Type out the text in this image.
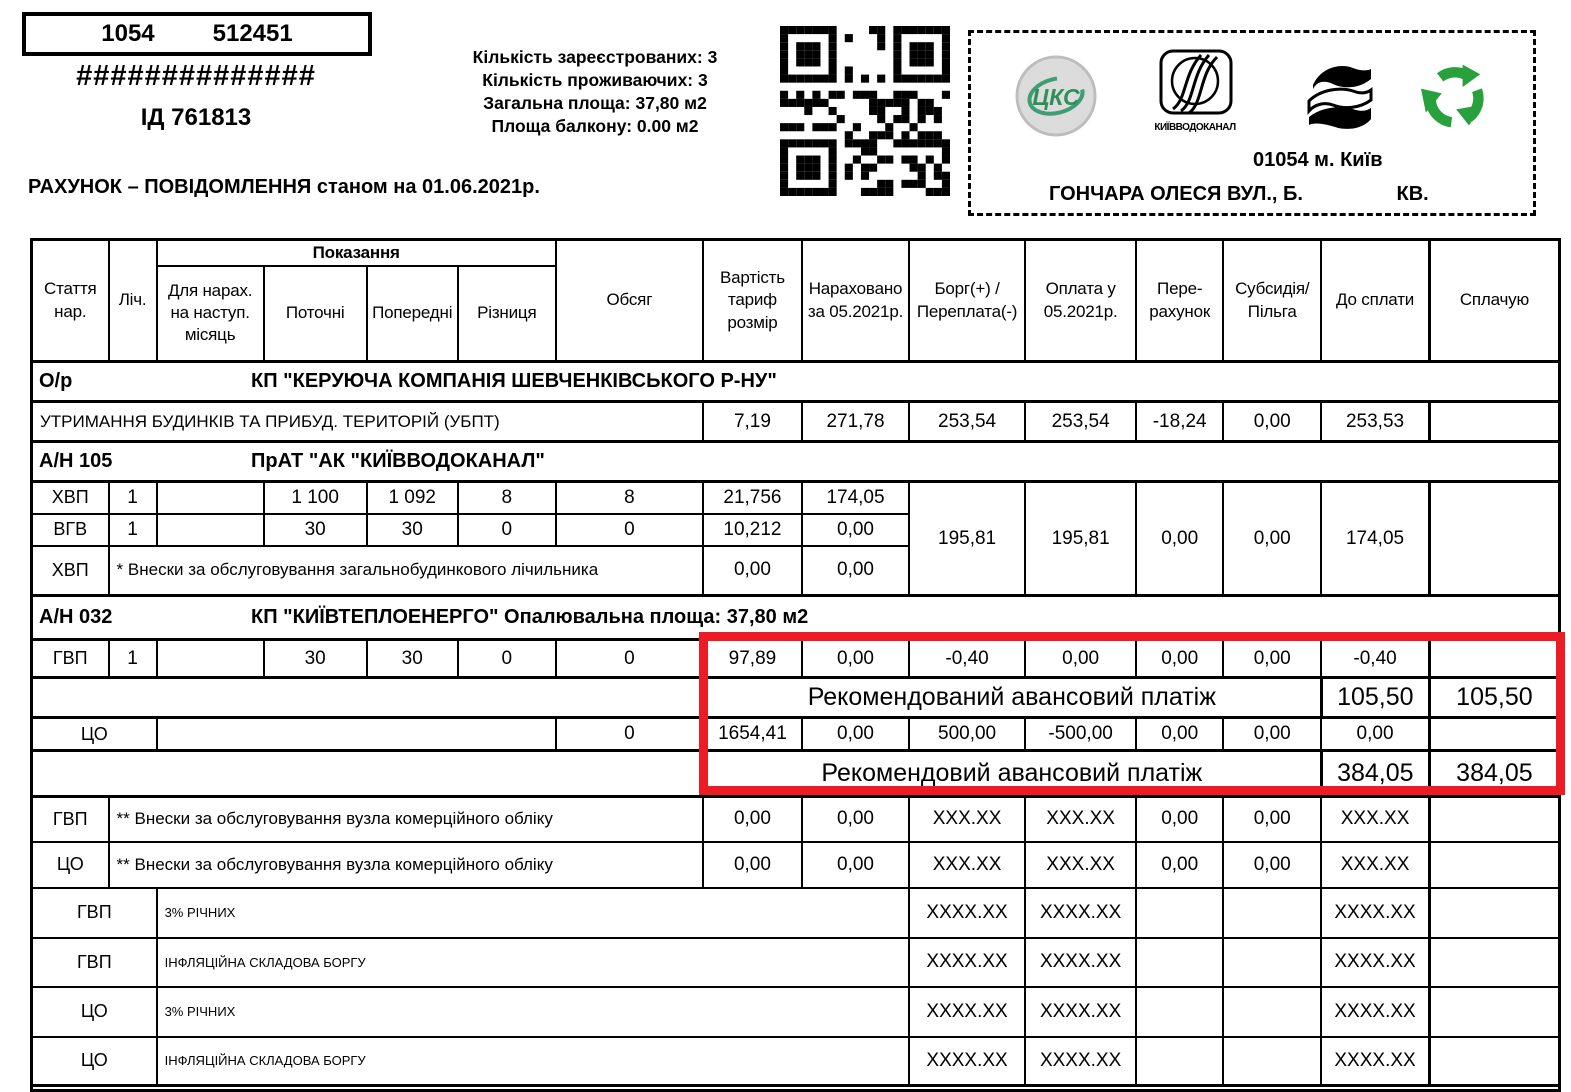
1054 512451
##############
ІД 761813
РАХУНОК – ПОВІДОМЛЕННЯ станом на 01.06.2021р.
Кількість зареєстрованих: 3
Кількість проживаючих: 3
Загальна площа: 37,80 м2
Площа балкону: 0.00 м2
ЦКС
КИЇВВОДОКАНАЛ
01054 м. Київ
ГОНЧАРА ОЛЕСЯ ВУЛ., Б.	КВ.
Стаття нар.	Ліч.	Показання				Обсяг	Вартість тариф розмір	Нараховано за 05.2021р.	Борг(+) / Переплата(-)	Оплата у 05.2021р.	Пере- рахунок	Субсидія/ Пільга	До сплати	Сплачую
		Для нарах. на наступ. місяць	Поточні	Попередні	Різниця									

О/р КП "КЕРУЮЧА КОМПАНІЯ ШЕВЧЕНКІВСЬКОГО Р-НУ"														

УТРИМАННЯ БУДИНКІВ ТА ПРИБУД. ТЕРИТОРІЙ (УБПТ)							7,19	271,78	253,54	253,54	-18,24	0,00	253,53	

А/Н 105 ПрАТ "АК "КИЇВВОДОКАНАЛ"														

ХВП	1		1 100	1 092	8	8	21,756	174,05	195,81	195,81	0,00	0,00	174,05	
ВГВ	1		30	30	0	0	10,212	0,00						
ХВП	* Внески за обслуговування загальнобудинкового лічильника						0,00	0,00						

А/Н 032 КП "КИЇВТЕПЛОЕНЕРГО" Опалювальна площа: 37,80 м2														

ГВП	1		30	30	0	0	97,89	0,00	-0,40	0,00	0,00	0,00	-0,40	
							Рекомендований авансовий платіж						105,50	105,50
ЦО						0	1654,41	0,00	500,00	-500,00	0,00	0,00	0,00	
							Рекомендовий авансовий платіж						384,05	384,05
ГВП	** Внески за обслуговування вузла комерційного обліку						0,00	0,00	XXX.XX	XXX.XX	0,00	0,00	XXX.XX	
ЦО	** Внески за обслуговування вузла комерційного обліку						0,00	0,00	XXX.XX	XXX.XX	0,00	0,00	XXX.XX	
ГВП		3% РІЧНИХ							XXXX.XX	XXXX.XX			XXXX.XX	
ГВП		ІНФЛЯЦІЙНА СКЛАДОВА БОРГУ							XXXX.XX	XXXX.XX			XXXX.XX	
ЦО		3% РІЧНИХ							XXXX.XX	XXXX.XX			XXXX.XX	
ЦО		ІНФЛЯЦІЙНА СКЛАДОВА БОРГУ							XXXX.XX	XXXX.XX			XXXX.XX	
